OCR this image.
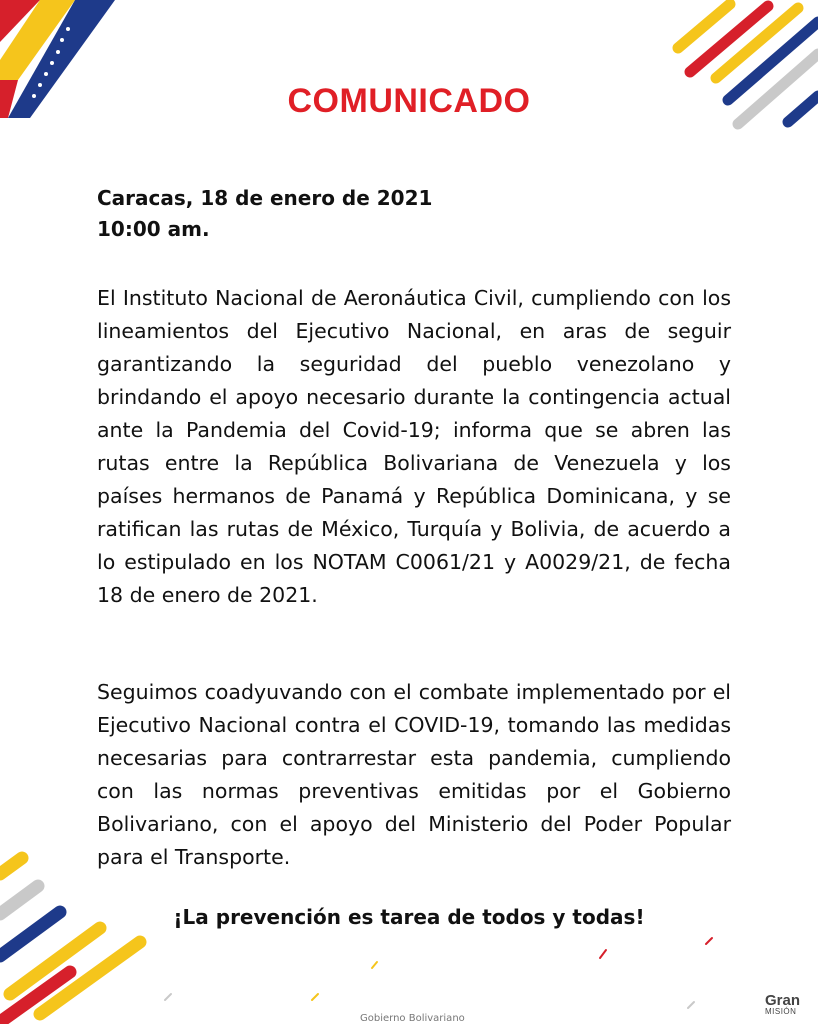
COMUNICADO
Caracas, 18 de enero de 2021
10:00 am.

El Instituto Nacional de Aeronáutica Civil, cumpliendo con los lineamientos del Ejecutivo Nacional, en aras de seguir garantizando la seguridad del pueblo venezolano y brindando el apoyo necesario durante la contingencia actual ante la Pandemia del Covid-19; informa que se abren las rutas entre la República Bolivariana de Venezuela y los países hermanos de Panamá y República Dominicana, y se ratifican las rutas de México, Turquía y Bolivia, de acuerdo a lo estipulado en los NOTAM C0061/21 y A0029/21, de fecha 18 de enero de 2021.

Seguimos coadyuvando con el combate implementado por el Ejecutivo Nacional contra el COVID-19, tomando las medidas necesarias para contrarrestar esta pandemia, cumpliendo con las normas preventivas emitidas por el Gobierno Bolivariano, con el apoyo del Ministerio del Poder Popular para el Transporte.

¡La prevención es tarea de todos y todas!
Gran
MISIÓN
Gobierno Bolivariano
